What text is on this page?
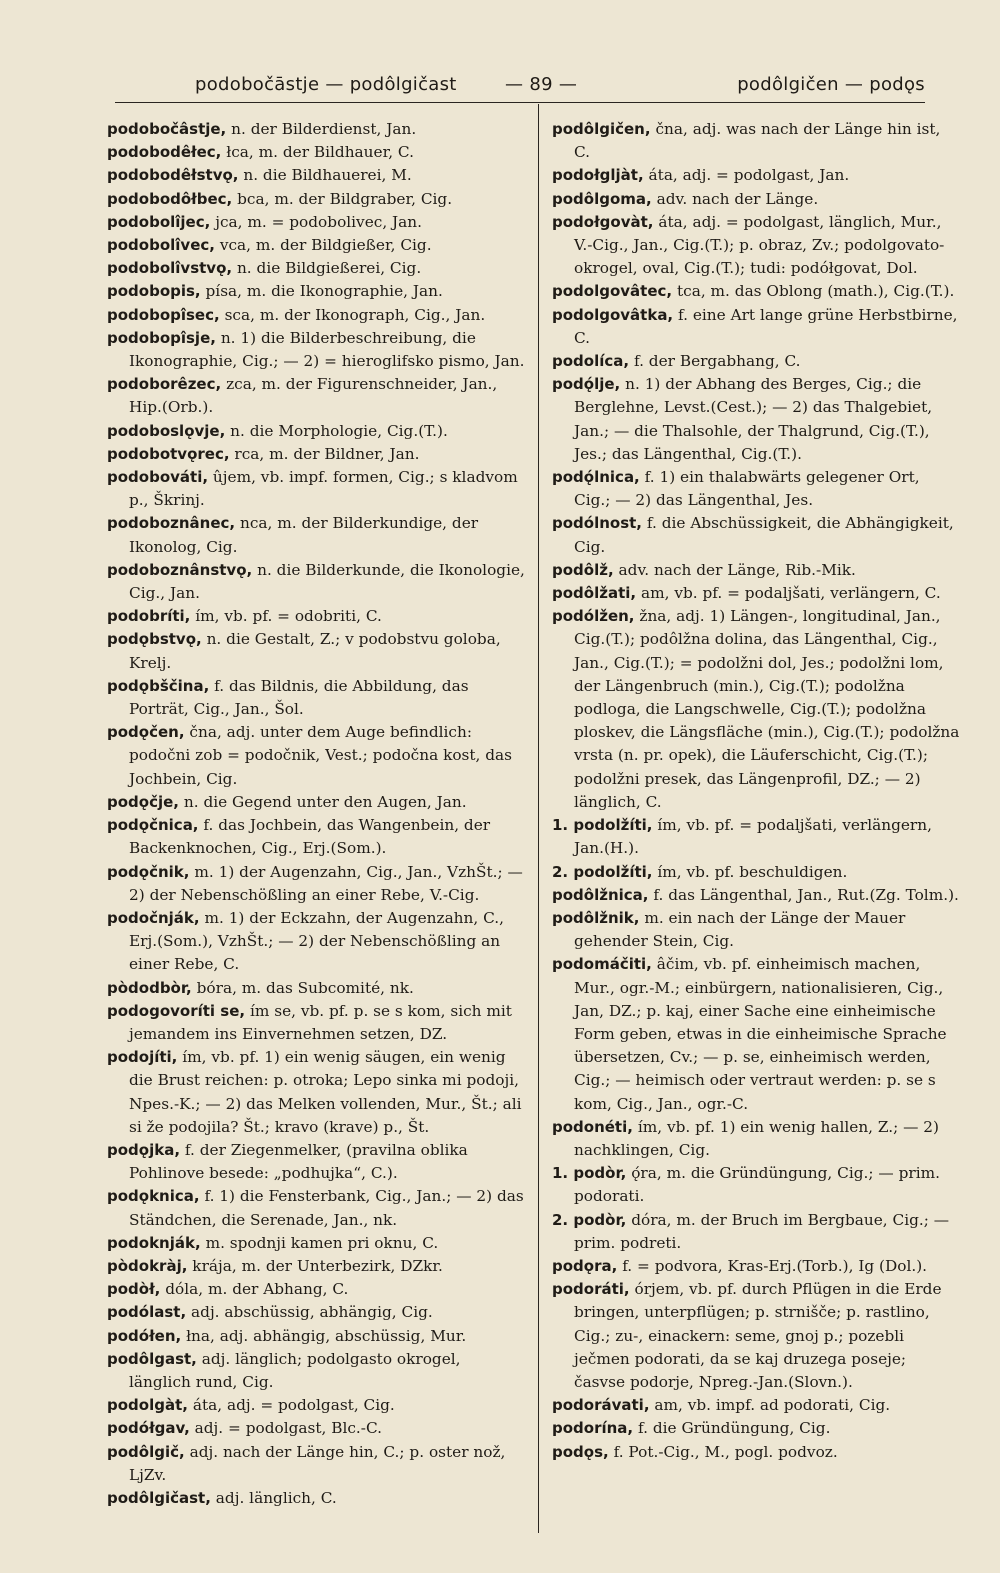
podobočāstje — podôlgičast	— 89 —	podôlgičen — podǫs

podobočâstje, n. der Bilderdienst, Jan.

podobodêłec, łca, m. der Bildhauer, C.

podobodêłstvǫ, n. die Bildhauerei, M.

podobodôłbec, bca, m. der Bildgraber, Cig.

podobolîjec, jca, m. = podobolivec, Jan.

podobolîvec, vca, m. der Bildgießer, Cig.

podobolîvstvǫ, n. die Bildgießerei, Cig.

podobopis, písa, m. die Ikonographie, Jan.

podobopîsec, sca, m. der Ikonograph, Cig., Jan.

podobopîsje, n. 1) die Bilderbeschreibung, die Ikonographie, Cig.; — 2) = hieroglifsko pismo, Jan.

podoborêzec, zca, m. der Figurenschneider, Jan., Hip.(Orb.).

podoboslǫvje, n. die Morphologie, Cig.(T.).

podobotvǫrec, rca, m. der Bildner, Jan.

podobováti, ûjem, vb. impf. formen, Cig.; s kladvom p., Škrinj.

podoboznânec, nca, m. der Bilderkundige, der Ikonolog, Cig.

podoboznânstvǫ, n. die Bilderkunde, die Ikonologie, Cig., Jan.

podobríti, ím, vb. pf. = odobriti, C.

podǫbstvǫ, n. die Gestalt, Z.; v podobstvu goloba, Krelj.

podǫbščina, f. das Bildnis, die Abbildung, das Porträt, Cig., Jan., Šol.

podǫčen, čna, adj. unter dem Auge befindlich: podočni zob = podočnik, Vest.; podočna kost, das Jochbein, Cig.

podǫčje, n. die Gegend unter den Augen, Jan.

podǫčnica, f. das Jochbein, das Wangenbein, der Backenknochen, Cig., Erj.(Som.).

podǫčnik, m. 1) der Augenzahn, Cig., Jan., VzhŠt.; — 2) der Nebenschößling an einer Rebe, V.-Cig.

podočnják, m. 1) der Eckzahn, der Augenzahn, C., Erj.(Som.), VzhŠt.; — 2) der Nebenschößling an einer Rebe, C.

pòdodbòr, bóra, m. das Subcomité, nk.

podogovoríti se, ím se, vb. pf. p. se s kom, sich mit jemandem ins Einvernehmen setzen, DZ.

podojíti, ím, vb. pf. 1) ein wenig säugen, ein wenig die Brust reichen: p. otroka; Lepo sinka mi podoji, Npes.-K.; — 2) das Melken vollenden, Mur., Št.; ali si že podojila? Št.; kravo (krave) p., Št.

podǫjka, f. der Ziegenmelker, (pravilna oblika Pohlinove besede: „podhujka“, C.).

podǫknica, f. 1) die Fensterbank, Cig., Jan.; — 2) das Ständchen, die Serenade, Jan., nk.

podoknják, m. spodnji kamen pri oknu, C.

pòdokràj, krája, m. der Unterbezirk, DZkr.

podòł, dóla, m. der Abhang, C.

podólast, adj. abschüssig, abhängig, Cig.

podółen, łna, adj. abhängig, abschüssig, Mur.

podôlgast, adj. länglich; podolgasto okrogel, länglich rund, Cig.

podolgàt, áta, adj. = podolgast, Cig.

podółgav, adj. = podolgast, Blc.-C.

podôlgič, adj. nach der Länge hin, C.; p. oster nož, LjZv.

podôlgičast, adj. länglich, C.

podôlgičen, čna, adj. was nach der Länge hin ist, C.

podołgljàt, áta, adj. = podolgast, Jan.

podôlgoma, adv. nach der Länge.

podołgovàt, áta, adj. = podolgast, länglich, Mur., V.-Cig., Jan., Cig.(T.); p. obraz, Zv.; podolgovato-okrogel, oval, Cig.(T.); tudi: podółgovat, Dol.

podolgovâtec, tca, m. das Oblong (math.), Cig.(T.).

podolgovâtka, f. eine Art lange grüne Herbstbirne, C.

podolíca, f. der Bergabhang, C.

podǫ́lje, n. 1) der Abhang des Berges, Cig.; die Berglehne, Levst.(Cest.); — 2) das Thalgebiet, Jan.; — die Thalsohle, der Thalgrund, Cig.(T.), Jes.; das Längenthal, Cig.(T.).

podǫ́lnica, f. 1) ein thalabwärts gelegener Ort, Cig.; — 2) das Längenthal, Jes.

podólnost, f. die Abschüssigkeit, die Abhängigkeit, Cig.

podôlž, adv. nach der Länge, Rib.-Mik.

podôlžati, am, vb. pf. = podaljšati, verlängern, C.

podólžen, žna, adj. 1) Längen-, longitudinal, Jan., Cig.(T.); podôlžna dolina, das Längenthal, Cig., Jan., Cig.(T.); = podolžni dol, Jes.; podolžni lom, der Längenbruch (min.), Cig.(T.); podolžna podloga, die Langschwelle, Cig.(T.); podolžna ploskev, die Längsfläche (min.), Cig.(T.); podolžna vrsta (n. pr. opek), die Läuferschicht, Cig.(T.); podolžni presek, das Längenprofil, DZ.; — 2) länglich, C.

1. podolžíti, ím, vb. pf. = podaljšati, verlängern, Jan.(H.).

2. podolžíti, ím, vb. pf. beschuldigen.

podôlžnica, f. das Längenthal, Jan., Rut.(Zg. Tolm.).

podôlžnik, m. ein nach der Länge der Mauer gehender Stein, Cig.

podomáčiti, âčim, vb. pf. einheimisch machen, Mur., ogr.-M.; einbürgern, nationalisieren, Cig., Jan, DZ.; p. kaj, einer Sache eine einheimische Form geben, etwas in die einheimische Sprache übersetzen, Cv.; — p. se, einheimisch werden, Cig.; — heimisch oder vertraut werden: p. se s kom, Cig., Jan., ogr.-C.

podonéti, ím, vb. pf. 1) ein wenig hallen, Z.; — 2) nachklingen, Cig.

1. podòr, ǫ́ra, m. die Gründüngung, Cig.; — prim. podorati.

2. podòr, dóra, m. der Bruch im Bergbaue, Cig.; — prim. podreti.

podǫra, f. = podvora, Kras-Erj.(Torb.), Ig (Dol.).

podoráti, órjem, vb. pf. durch Pflügen in die Erde bringen, unterpflügen; p. strnišče; p. rastlino, Cig.; zu-, einackern: seme, gnoj p.; pozebli ječmen podorati, da se kaj druzega poseje; časvse podorje, Npreg.-Jan.(Slovn.).

podorávati, am, vb. impf. ad podorati, Cig.

podorína, f. die Gründüngung, Cig.

podǫs, f. Pot.-Cig., M., pogl. podvoz.
